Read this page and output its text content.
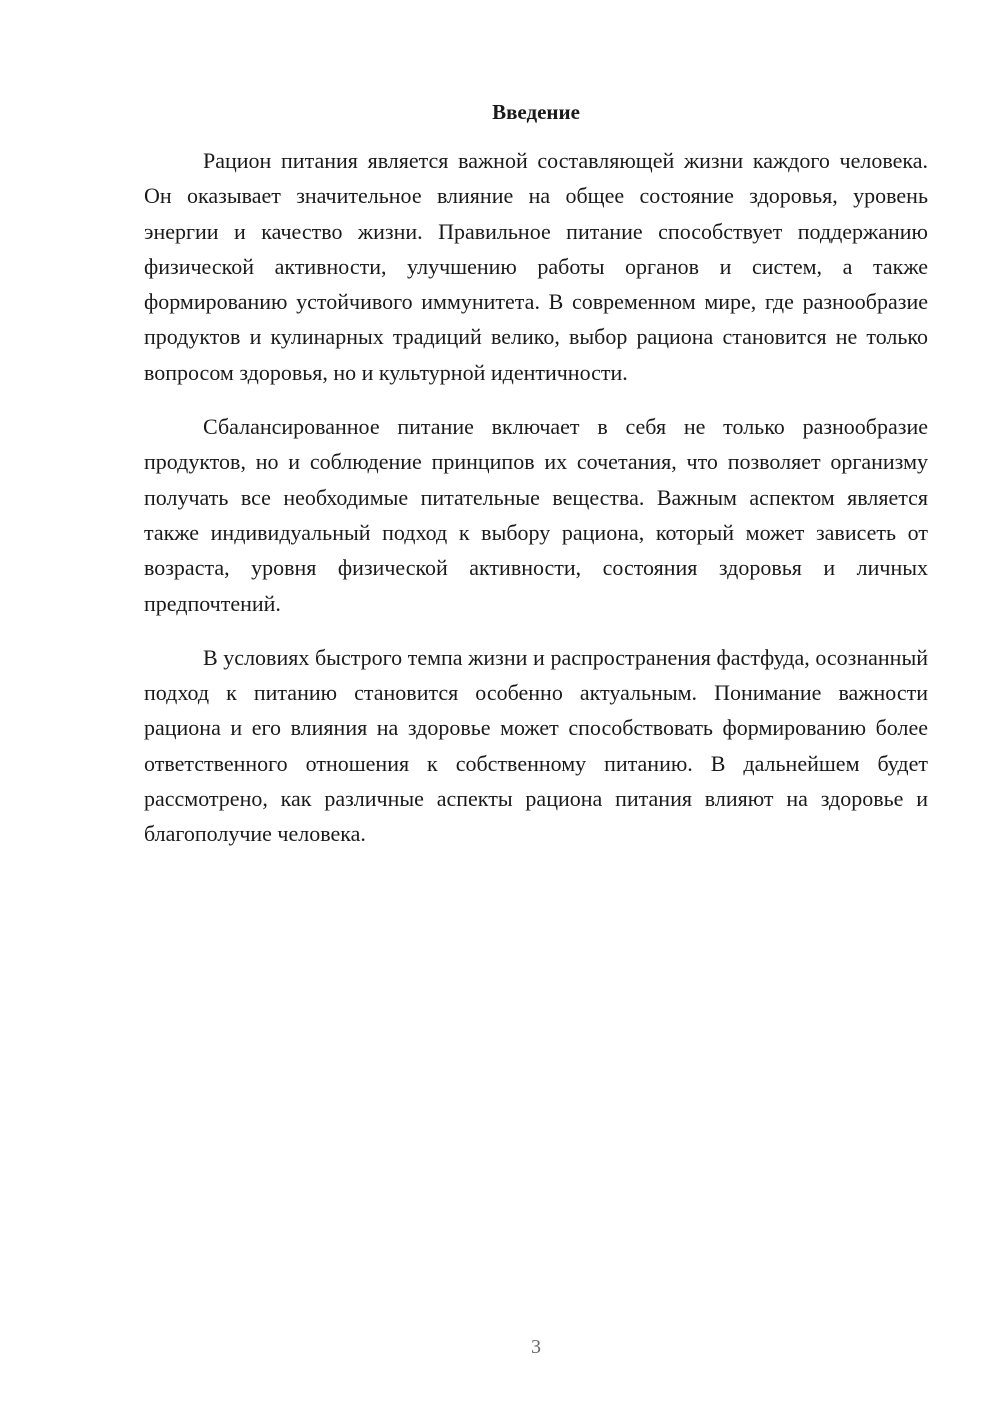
Введение

Рацион питания является важной составляющей жизни каждого человека. Он оказывает значительное влияние на общее состояние здоровья, уровень энергии и качество жизни. Правильное питание способствует поддержанию физической активности, улучшению работы органов и систем, а также формированию устойчивого иммунитета. В современном мире, где разнообразие продуктов и кулинарных традиций велико, выбор рациона становится не только вопросом здоровья, но и культурной идентичности.

Сбалансированное питание включает в себя не только разнообразие продуктов, но и соблюдение принципов их сочетания, что позволяет организму получать все необходимые питательные вещества. Важным аспектом является также индивидуальный подход к выбору рациона, который может зависеть от возраста, уровня физической активности, состояния здоровья и личных предпочтений.

В условиях быстрого темпа жизни и распространения фастфуда, осознанный подход к питанию становится особенно актуальным. Понимание важности рациона и его влияния на здоровье может способствовать формированию более ответственного отношения к собственному питанию. В дальнейшем будет рассмотрено, как различные аспекты рациона питания влияют на здоровье и благополучие человека.

3
